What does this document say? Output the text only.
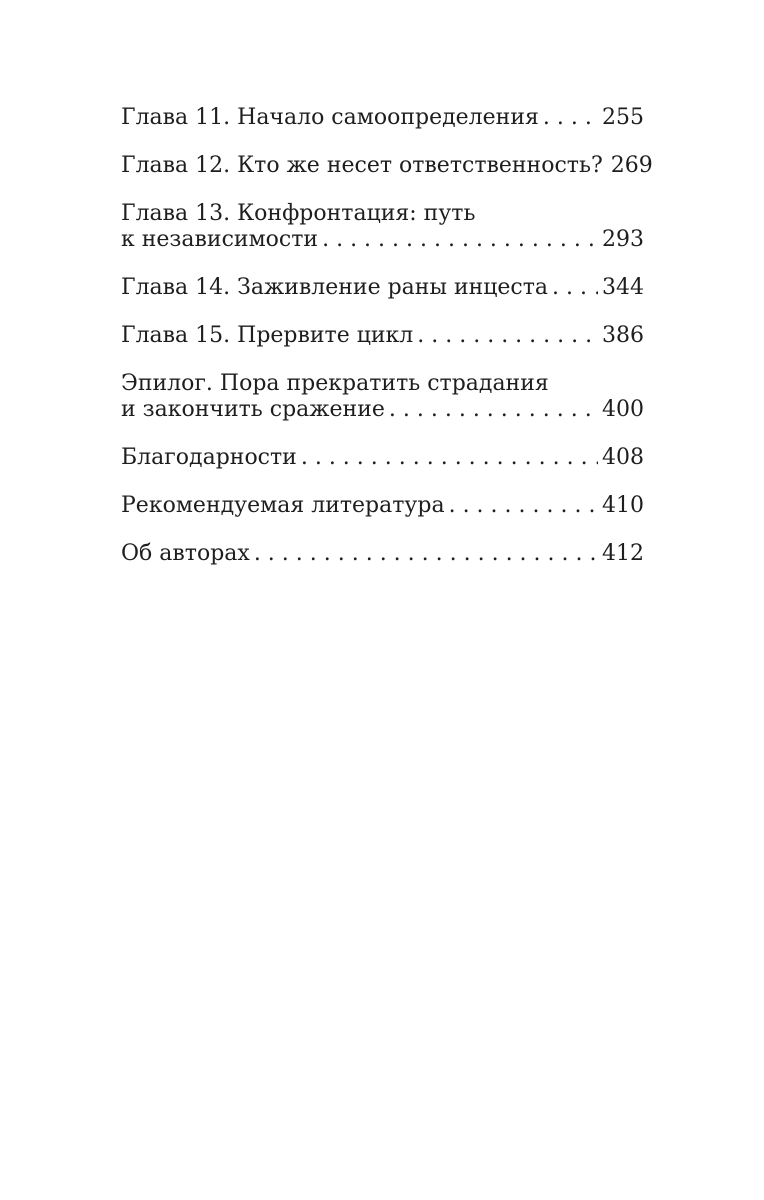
Глава 11. Начало самоопределения . . .	255
Глава 12. Кто же несет ответственность? 269
Глава 13. Конфронтация: путь
к независимости . . .	293
Глава 14. Заживление раны инцеста . . . 344
Глава 15. Прервите цикл . . .	386
Эпилог. Пора прекратить страдания
и закончить сражение . . .	400
Благодарности . . .	408
Рекомендуемая литература . . .	410
Об авторах . . .	412
